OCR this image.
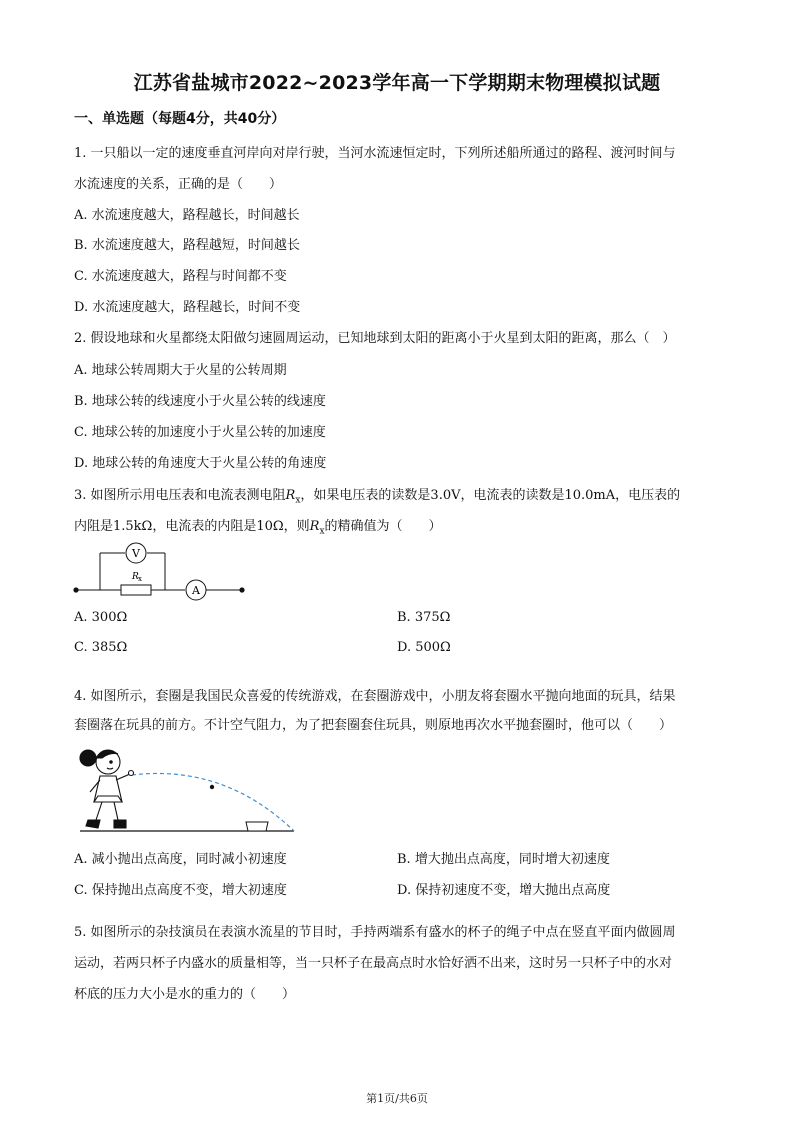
江苏省盐城市2022~2023学年高一下学期期末物理模拟试题
一、单选题（每题4分，共40分）
1. 一只船以一定的速度垂直河岸向对岸行驶，当河水流速恒定时，下列所述船所通过的路程、渡河时间与
水流速度的关系，正确的是（　　）
A. 水流速度越大，路程越长，时间越长
B. 水流速度越大，路程越短，时间越长
C. 水流速度越大，路程与时间都不变
D. 水流速度越大，路程越长，时间不变
2. 假设地球和火星都绕太阳做匀速圆周运动，已知地球到太阳的距离小于火星到太阳的距离，那么（　）
A. 地球公转周期大于火星的公转周期
B. 地球公转的线速度小于火星公转的线速度
C. 地球公转的加速度小于火星公转的加速度
D. 地球公转的角速度大于火星公转的角速度
3. 如图所示用电压表和电流表测电阻$R_x$，如果电压表的读数是3.0V，电流表的读数是10.0mA，电压表的
内阻是1.5kΩ，电流表的内阻是10Ω，则$R_x$的精确值为（　　）
V
A
R x
A. 300Ω	B. 375Ω
C. 385Ω	D. 500Ω
4. 如图所示，套圈是我国民众喜爱的传统游戏，在套圈游戏中，小朋友将套圈水平抛向地面的玩具，结果
套圈落在玩具的前方。不计空气阻力，为了把套圈套住玩具，则原地再次水平抛套圈时，他可以（　　）
A. 减小抛出点高度，同时减小初速度	B. 增大抛出点高度，同时增大初速度
C. 保持抛出点高度不变，增大初速度	D. 保持初速度不变，增大抛出点高度
5. 如图所示的杂技演员在表演水流星的节目时，手持两端系有盛水的杯子的绳子中点在竖直平面内做圆周
运动，若两只杯子内盛水的质量相等，当一只杯子在最高点时水恰好洒不出来，这时另一只杯子中的水对
杯底的压力大小是水的重力的（　　）
第1页/共6页
